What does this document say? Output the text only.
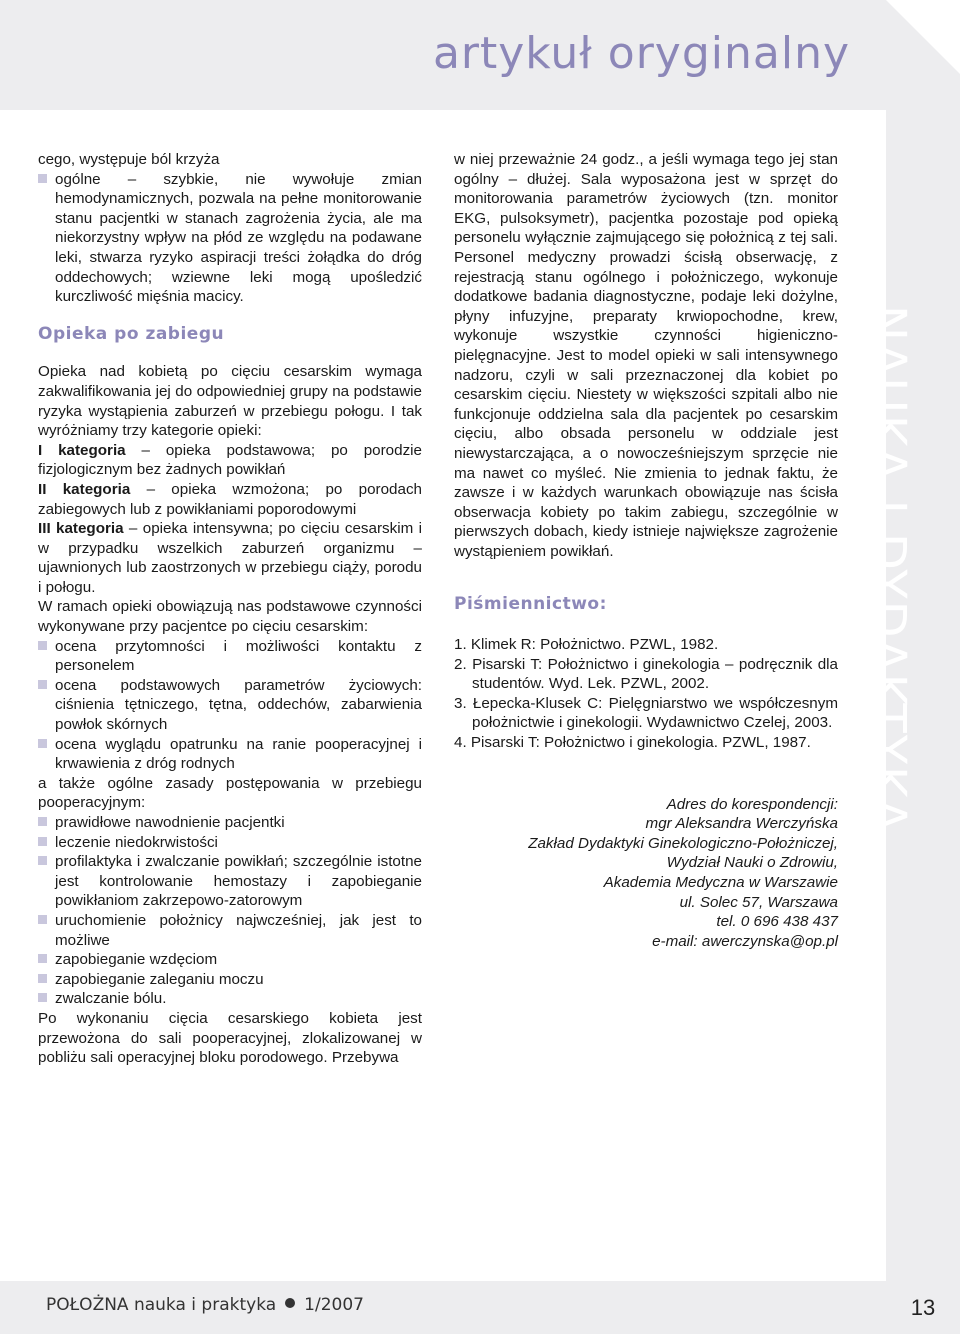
artykuł oryginalny
NAUKA I DYDAKTYKA

cego, występuje ból krzyża

ogólne – szybkie, nie wywołuje zmian hemodynamicznych, pozwala na pełne monitorowanie stanu pacjentki w stanach zagrożenia życia, ale ma niekorzystny wpływ na płód ze względu na podawane leki, stwarza ryzyko aspiracji treści żołądka do dróg oddechowych; wziewne leki mogą upośledzić kurczliwość mięśnia macicy.

Opieka po zabiegu

Opieka nad kobietą po cięciu cesarskim wymaga zakwalifikowania jej do odpowiedniej grupy na podstawie ryzyka wystąpienia zaburzeń w przebiegu połogu. I tak wyróżniamy trzy kategorie opieki:

I kategoria – opieka podstawowa; po porodzie fizjologicznym bez żadnych powikłań

II kategoria – opieka wzmożona; po porodach zabiegowych lub z powikłaniami poporodowymi

III kategoria – opieka intensywna; po cięciu cesarskim i w przypadku wszelkich zaburzeń organizmu – ujawnionych lub zaostrzonych w przebiegu ciąży, porodu i połogu.

W ramach opieki obowiązują nas podstawowe czynności wykonywane przy pacjentce po cięciu cesarskim:

ocena przytomności i możliwości kontaktu z personelem

ocena podstawowych parametrów życiowych: ciśnienia tętniczego, tętna, oddechów, zabarwienia powłok skórnych

ocena wyglądu opatrunku na ranie pooperacyjnej i krwawienia z dróg rodnych

a także ogólne zasady postępowania w przebiegu pooperacyjnym:

prawidłowe nawodnienie pacjentki

leczenie niedokrwistości

profilaktyka i zwalczanie powikłań; szczególnie istotne jest kontrolowanie hemostazy i zapobieganie powikłaniom zakrzepowo-zatorowym

uruchomienie położnicy najwcześniej, jak jest to możliwe

zapobieganie wzdęciom

zapobieganie zaleganiu moczu

zwalczanie bólu.

Po wykonaniu cięcia cesarskiego kobieta jest przewożona do sali pooperacyjnej, zlokalizowanej w pobliżu sali operacyjnej bloku porodowego. Przebywa

w niej przeważnie 24 godz., a jeśli wymaga tego jej stan ogólny – dłużej. Sala wyposażona jest w sprzęt do monitorowania parametrów życiowych (tzn. monitor EKG, pulsoksymetr), pacjentka pozostaje pod opieką personelu wyłącznie zajmującego się położnicą z tej sali. Personel medyczny prowadzi ścisłą obserwację, z rejestracją stanu ogólnego i położniczego, wykonuje dodatkowe badania diagnostyczne, podaje leki dożylne, płyny infuzyjne, preparaty krwiopochodne, krew, wykonuje wszystkie czynności higieniczno-pielęgnacyjne. Jest to model opieki w sali intensywnego nadzoru, czyli w sali przeznaczonej dla kobiet po cesarskim cięciu. Niestety w większości szpitali albo nie funkcjonuje oddzielna sala dla pacjentek po cesarskim cięciu, albo obsada personelu w oddziale jest niewystarczająca, a o nowocześniejszym sprzęcie nie ma nawet co myśleć. Nie zmienia to jednak faktu, że zawsze i w każdych warunkach obowiązuje nas ścisła obserwacja kobiety po takim zabiegu, szczególnie w pierwszych dobach, kiedy istnieje największe zagrożenie wystąpieniem powikłań.

Piśmiennictwo:

1. Klimek R: Położnictwo. PZWL, 1982.

2. Pisarski T: Położnictwo i ginekologia – podręcznik dla studentów. Wyd. Lek. PZWL, 2002.

3. Łepecka-Klusek C: Pielęgniarstwo we współczesnym położnictwie i ginekologii. Wydawnictwo Czelej, 2003.

4. Pisarski T: Położnictwo i ginekologia. PZWL, 1987.

Adres do korespondencji:

mgr Aleksandra Werczyńska

Zakład Dydaktyki Ginekologiczno-Położniczej,

Wydział Nauki o Zdrowiu,

Akademia Medyczna w Warszawie

ul. Solec 57, Warszawa

tel. 0 696 438 437

e-mail: awerczynska@op.pl

POŁOŻNA nauka i praktyka 1/2007	13
